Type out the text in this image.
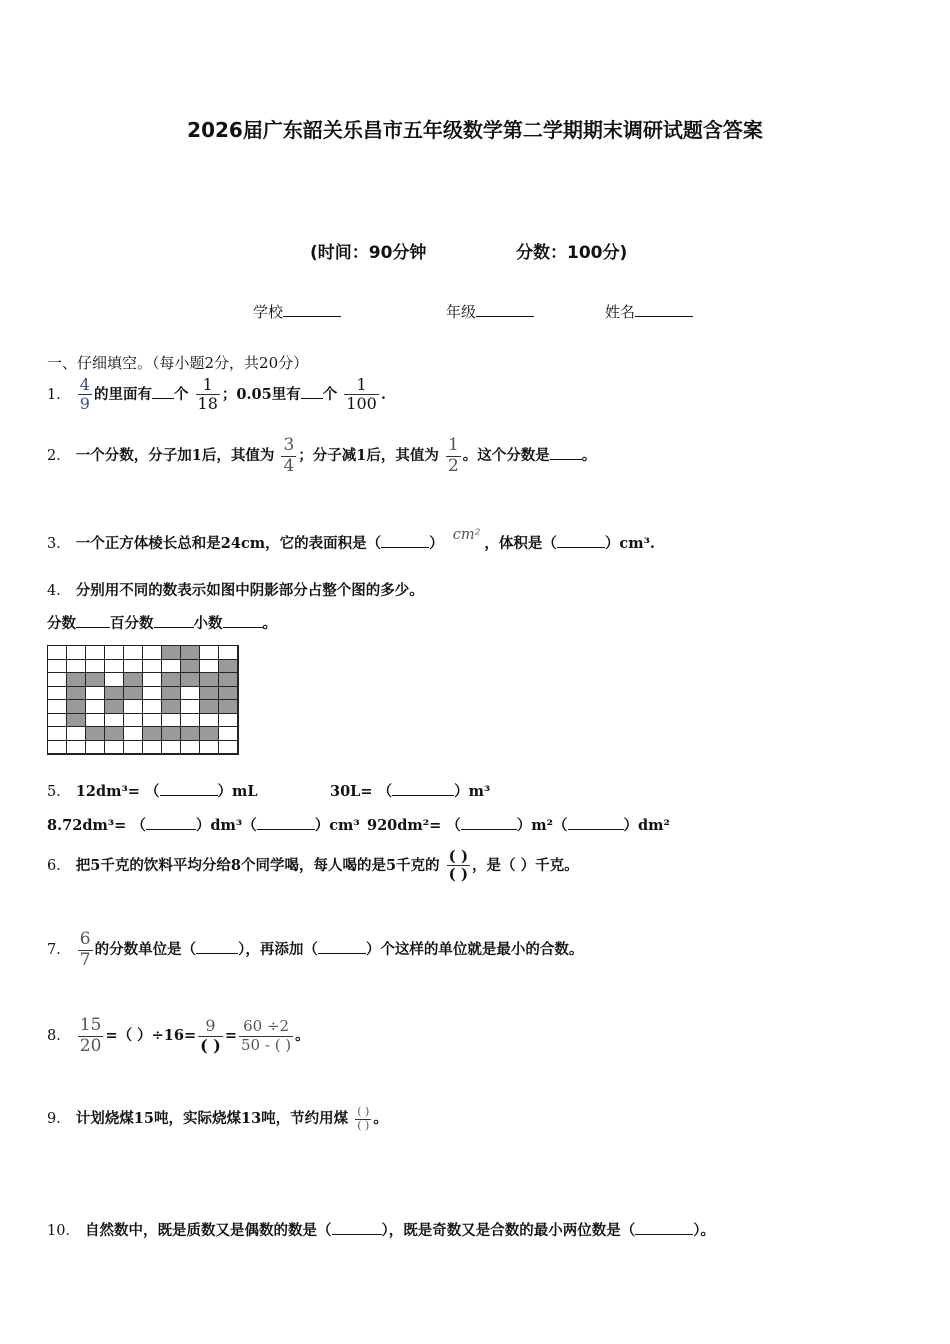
2026届广东韶关乐昌市五年级数学第二学期期末调研试题含答案
(时间：90分钟	分数：100分)
学校	年级	姓名
一、仔细填空。（每小题2分，共20分）
1． $\frac{4}{9}$ 的里面有 个 $\frac{1}{18}$ ；0.05里有 个 $\frac{1}{100}$ .
2． 一个分数，分子加1后，其值为 $\frac{3}{4}$ ；分子减1后，其值为 $\frac{1}{2}$ 。这个分数是 。
3． 一个正方体棱长总和是24cm，它的表面积是（	） cm² ，体积是（	）cm³.
4． 分别用不同的数表示如图中阴影部分占整个图的多少。
分数 百分数	小数	。
5． 12dm³= （	）mL	30L= （	）m³
8.72dm³= （	）dm³（	）cm³ 920dm²= （	）m²（	）dm²
6． 把5千克的饮料平均分给8个同学喝，每人喝的是5千克的 $\frac{( )}{( )}$ ，是（ ）千克。
7． $\frac{6}{7}$ 的分数单位是（	），再添加（	）个这样的单位就是最小的合数。
8． $\frac{15}{20}$ =（ ）$\div 16= \frac{9}{( )} = \frac{60 \div 2}{50 - ( )}$ 。
9． 计划烧煤15吨，实际烧煤13吨，节约用煤 $\frac{( )}{( )}$ 。
10． 自然数中，既是质数又是偶数的数是（	），既是奇数又是合数的最小两位数是（	）。
